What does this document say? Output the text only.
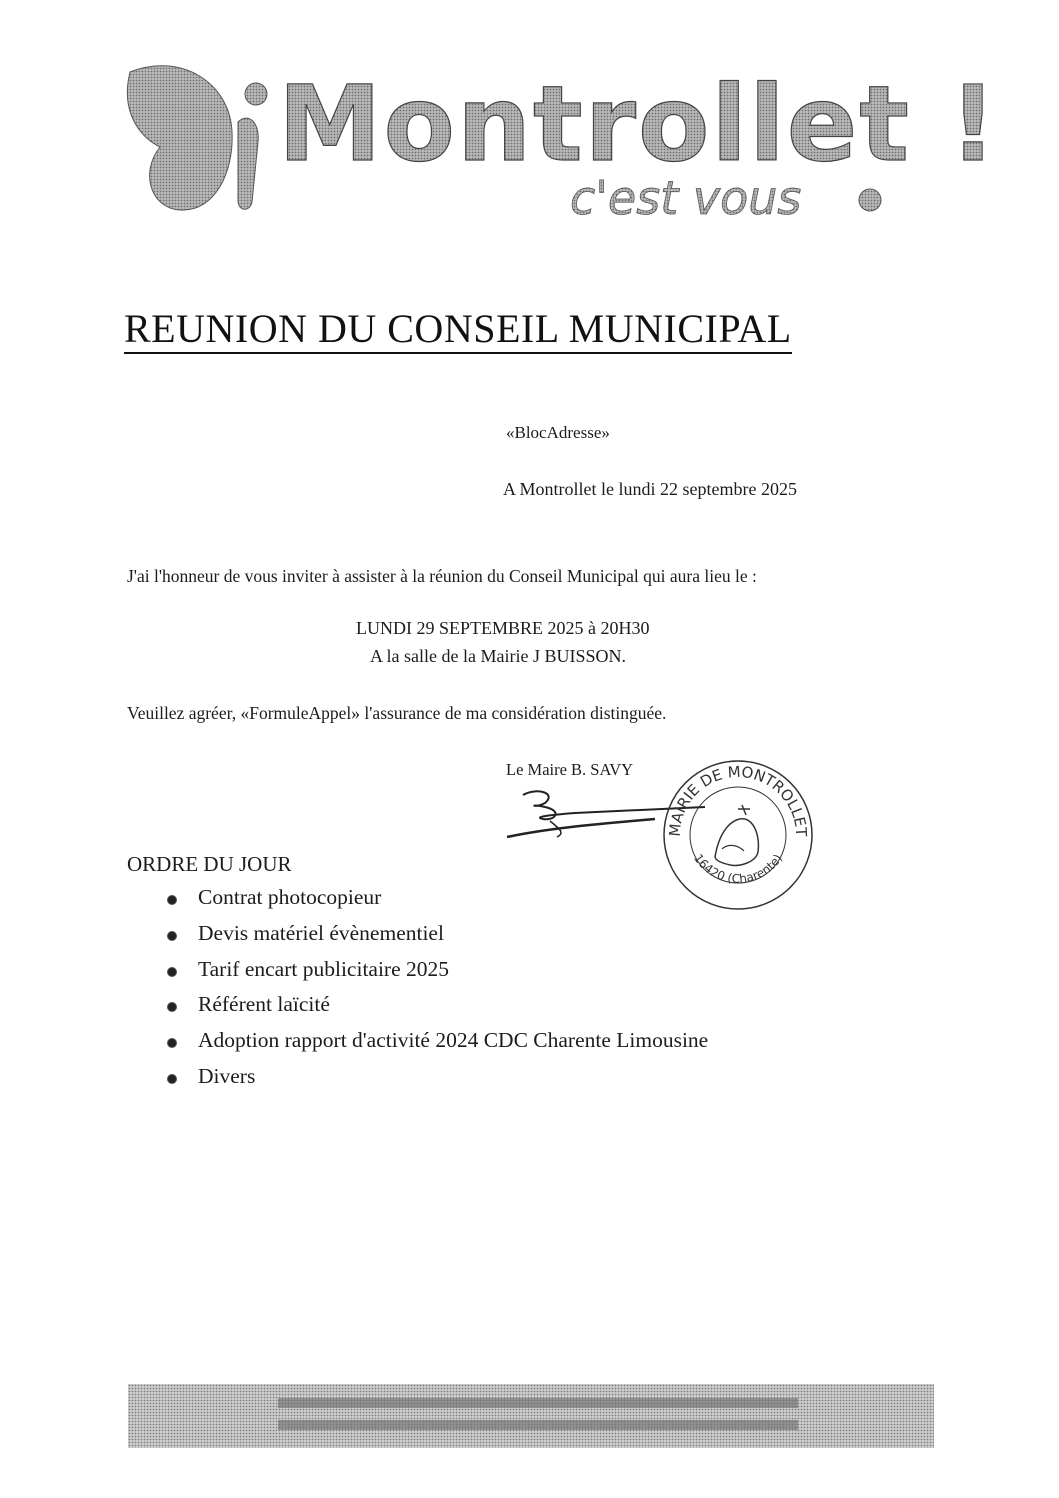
Montrollet !
c'est vous
REUNION DU CONSEIL MUNICIPAL
«BlocAdresse»
A Montrollet le lundi 22 septembre 2025
J'ai l'honneur de vous inviter à assister à la réunion du Conseil Municipal qui aura lieu le :
LUNDI 29 SEPTEMBRE 2025 à 20H30
A la salle de la Mairie J BUISSON.
Veuillez agréer, «FormuleAppel» l'assurance de ma considération distinguée.
Le Maire B. SAVY
MAIRIE DE MONTROLLET
16420 (Charente)
ORDRE DU JOUR
Contrat photocopieur
Devis matériel évènementiel
Tarif encart publicitaire 2025
Référent laïcité
Adoption rapport d'activité 2024 CDC Charente Limousine
Divers
